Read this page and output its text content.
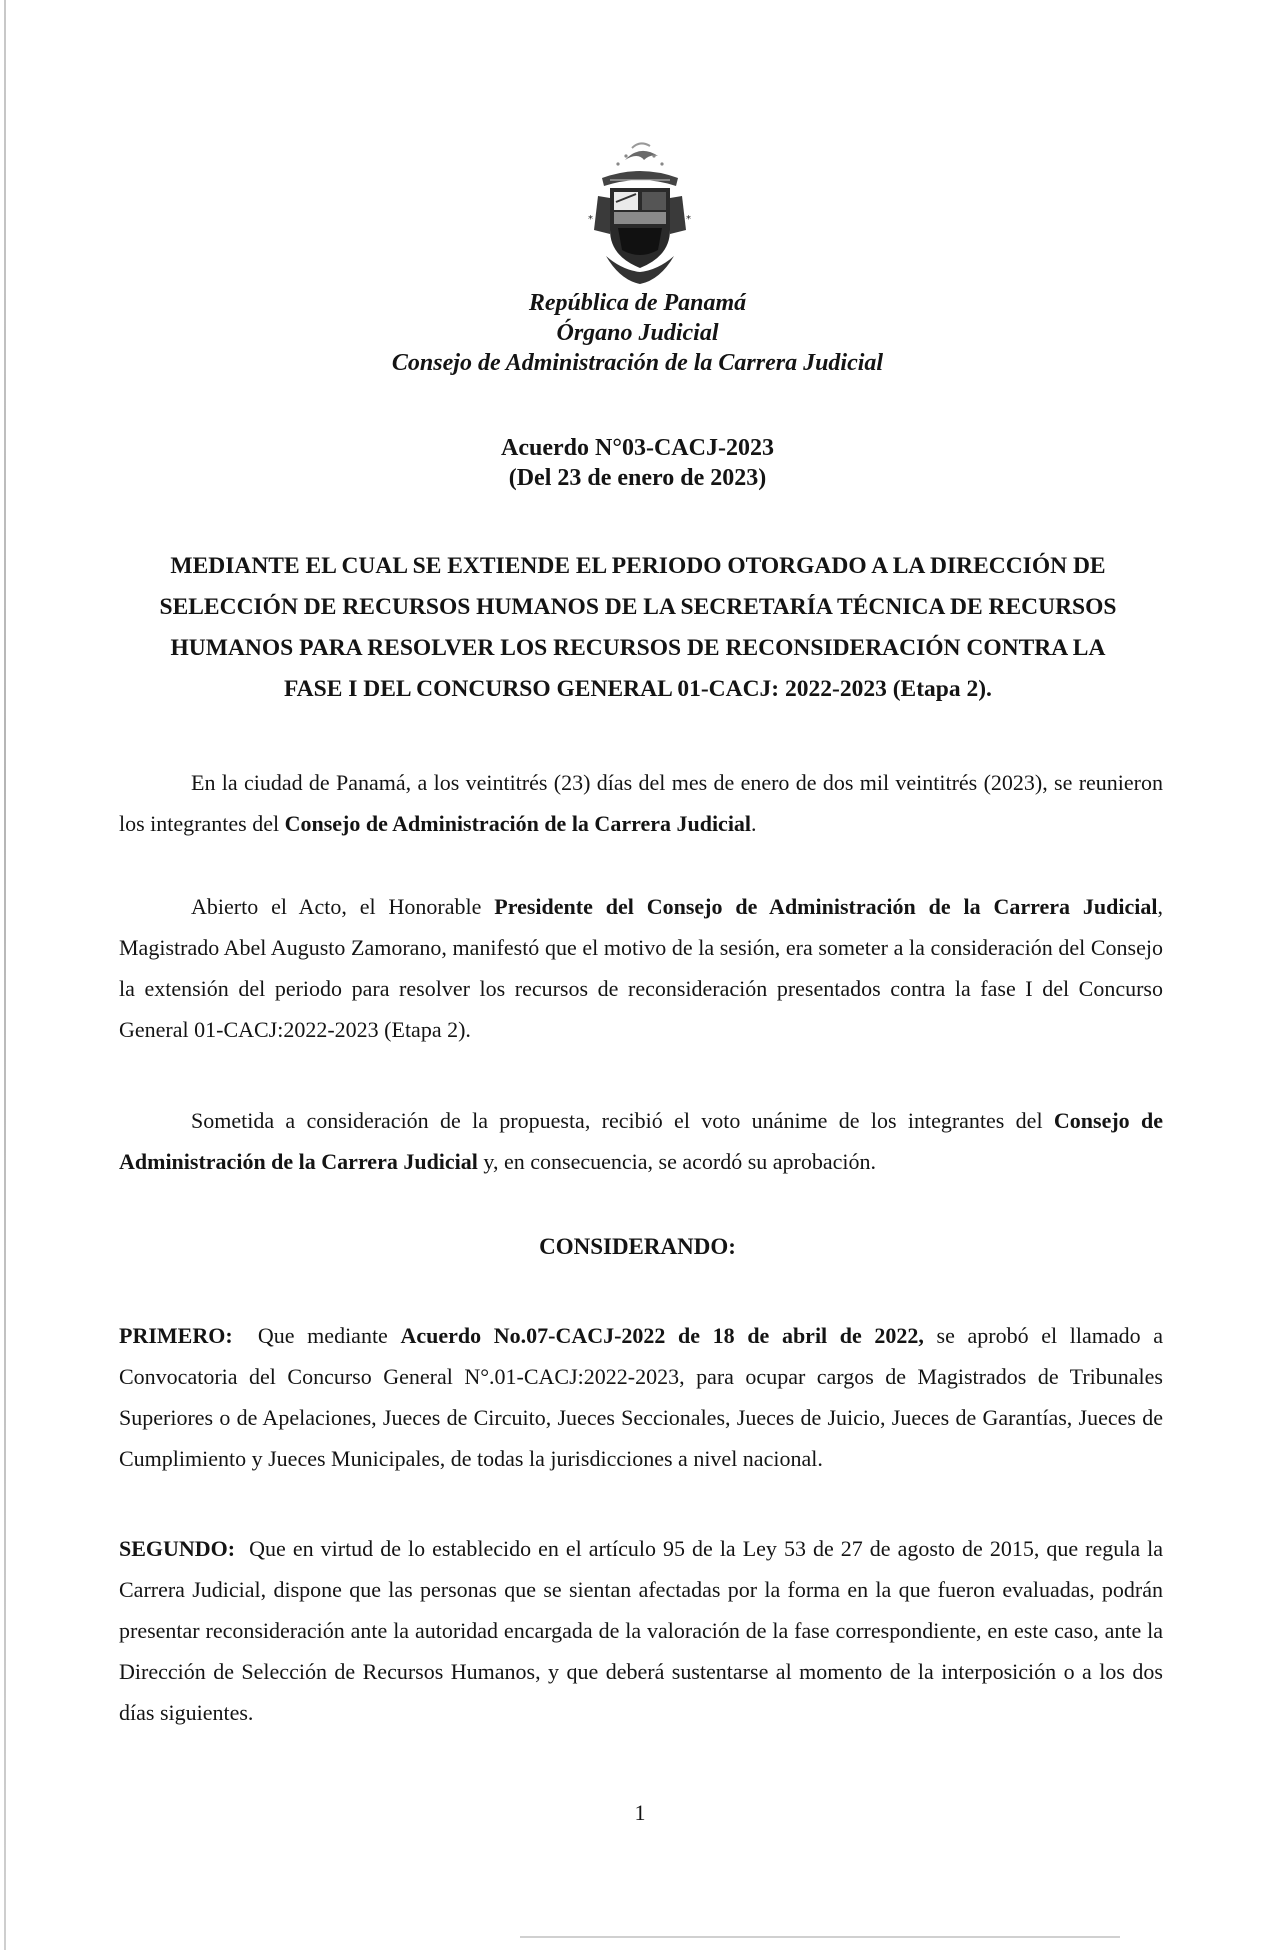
*	*
República de Panamá
Órgano Judicial
Consejo de Administración de la Carrera Judicial
Acuerdo N°03-CACJ-2023
(Del 23 de enero de 2023)
MEDIANTE EL CUAL SE EXTIENDE EL PERIODO OTORGADO A LA DIRECCIÓN DE
SELECCIÓN DE RECURSOS HUMANOS DE LA SECRETARÍA TÉCNICA DE RECURSOS
HUMANOS PARA RESOLVER LOS RECURSOS DE RECONSIDERACIÓN CONTRA LA
FASE I DEL CONCURSO GENERAL 01-CACJ: 2022-2023 (Etapa 2).
En la ciudad de Panamá, a los veintitrés (23) días del mes de enero de dos mil veintitrés (2023), se reunieron los integrantes del Consejo de Administración de la Carrera Judicial.
Abierto el Acto, el Honorable Presidente del Consejo de Administración de la Carrera Judicial, Magistrado Abel Augusto Zamorano, manifestó que el motivo de la sesión, era someter a la consideración del Consejo la extensión del periodo para resolver los recursos de reconsideración presentados contra la fase I del Concurso General 01-CACJ:2022-2023 (Etapa 2).
Sometida a consideración de la propuesta, recibió el voto unánime de los integrantes del Consejo de Administración de la Carrera Judicial y, en consecuencia, se acordó su aprobación.
CONSIDERANDO:
PRIMERO:  Que mediante Acuerdo No.07-CACJ-2022 de 18 de abril de 2022, se aprobó el llamado a Convocatoria del Concurso General N°.01-CACJ:2022-2023, para ocupar cargos de Magistrados de Tribunales Superiores o de Apelaciones, Jueces de Circuito, Jueces Seccionales, Jueces de Juicio, Jueces de Garantías, Jueces de Cumplimiento y Jueces Municipales, de todas la jurisdicciones a nivel nacional.
SEGUNDO:  Que en virtud de lo establecido en el artículo 95 de la Ley 53 de 27 de agosto de 2015, que regula la Carrera Judicial, dispone que las personas que se sientan afectadas por la forma en la que fueron evaluadas, podrán presentar reconsideración ante la autoridad encargada de la valoración de la fase correspondiente, en este caso, ante la Dirección de Selección de Recursos Humanos, y que deberá sustentarse al momento de la interposición o a los dos días siguientes.
1
